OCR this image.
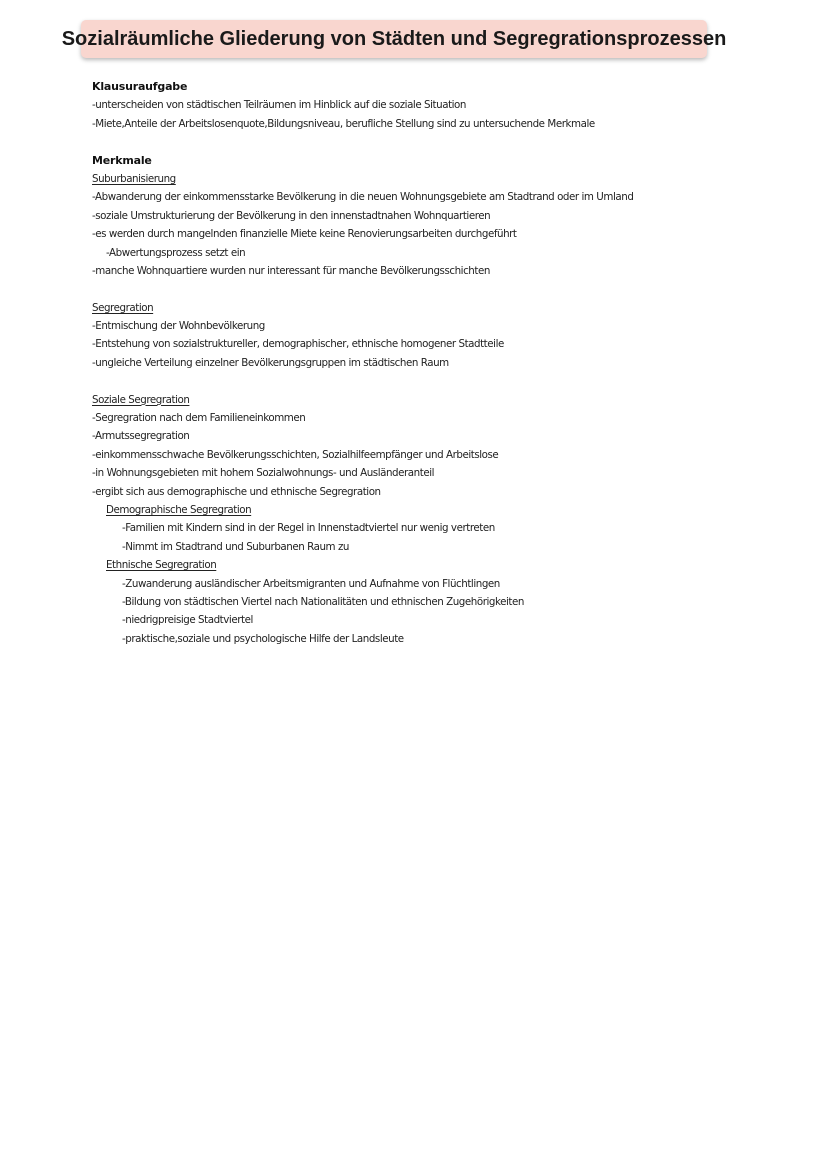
Sozialräumliche Gliederung von Städten und Segregrationsprozessen
Klausuraufgabe
-unterscheiden von städtischen Teilräumen im Hinblick auf die soziale Situation
-Miete,Anteile der Arbeitslosenquote,Bildungsniveau, berufliche Stellung sind zu untersuchende Merkmale
Merkmale
Suburbanisierung
-Abwanderung der einkommensstarke Bevölkerung in die neuen Wohnungsgebiete am Stadtrand oder im Umland
-soziale Umstrukturierung der Bevölkerung in den innenstadtnahen Wohnquartieren
-es werden durch mangelnden finanzielle Miete keine Renovierungsarbeiten durchgeführt
-Abwertungsprozess setzt ein
-manche Wohnquartiere wurden nur interessant für manche Bevölkerungsschichten
Segregration
-Entmischung der Wohnbevölkerung
-Entstehung von sozialstruktureller, demographischer, ethnische homogener Stadtteile
-ungleiche Verteilung einzelner Bevölkerungsgruppen im städtischen Raum
Soziale Segregration
-Segregration nach dem Familieneinkommen
-Armutssegregration
-einkommensschwache Bevölkerungsschichten, Sozialhilfeempfänger und Arbeitslose
-in Wohnungsgebieten mit hohem Sozialwohnungs- und Ausländeranteil
-ergibt sich aus demographische und ethnische Segregration
Demographische Segregration
-Familien mit Kindern sind in der Regel in Innenstadtviertel nur wenig vertreten
-Nimmt im Stadtrand und Suburbanen Raum zu
Ethnische Segregration
-Zuwanderung ausländischer Arbeitsmigranten und Aufnahme von Flüchtlingen
-Bildung von städtischen Viertel nach Nationalitäten und ethnischen Zugehörigkeiten
-niedrigpreisige Stadtviertel
-praktische,soziale und psychologische Hilfe der Landsleute
